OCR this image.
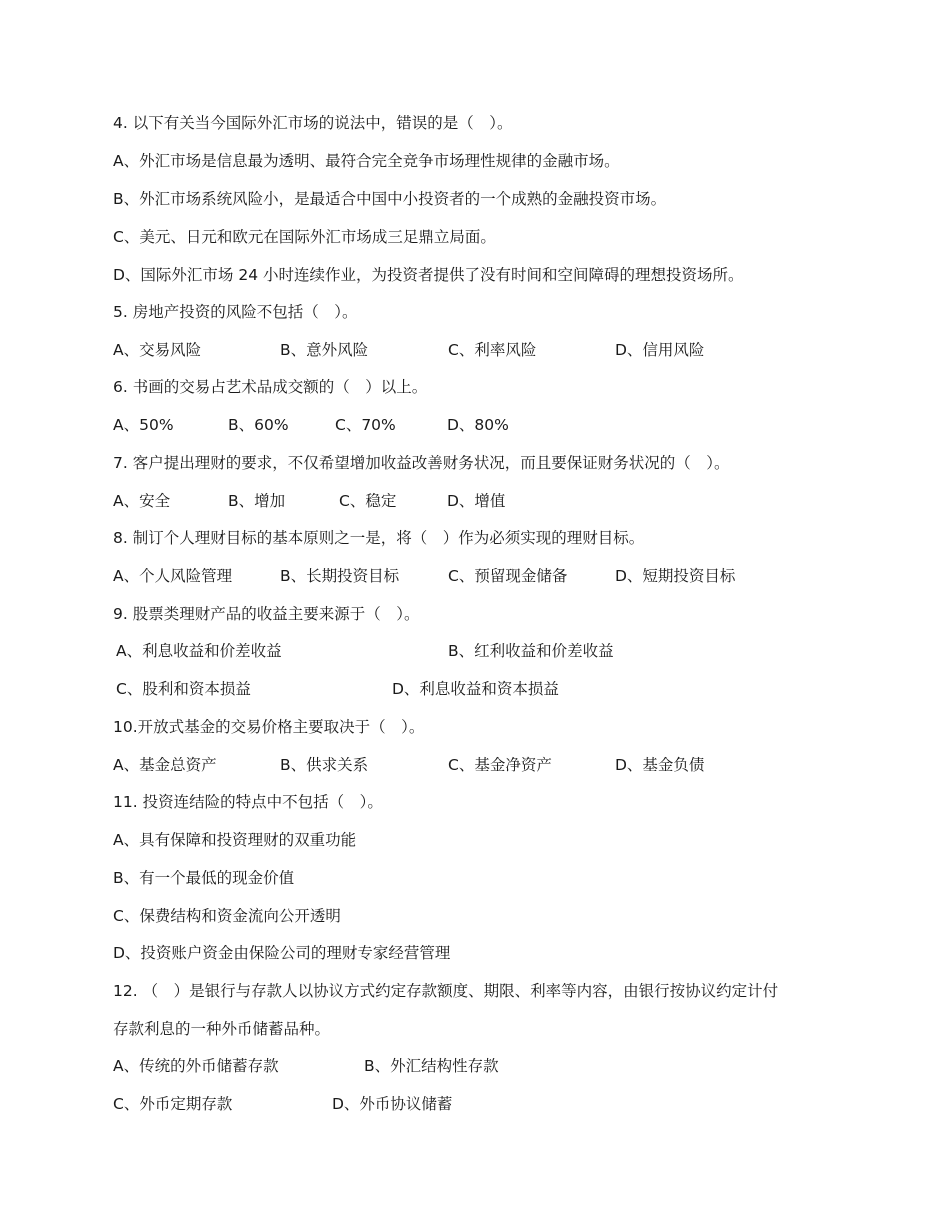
4. 以下有关当今国际外汇市场的说法中，错误的是（　）。
A、外汇市场是信息最为透明、最符合完全竞争市场理性规律的金融市场。
B、外汇市场系统风险小，是最适合中国中小投资者的一个成熟的金融投资市场。
C、美元、日元和欧元在国际外汇市场成三足鼎立局面。
D、国际外汇市场 24 小时连续作业，为投资者提供了没有时间和空间障碍的理想投资场所。
5. 房地产投资的风险不包括（　）。
A、交易风险	B、意外风险	C、利率风险	D、信用风险
6. 书画的交易占艺术品成交额的（　）以上。
A、50%	B、60%	C、70%	D、80%
7. 客户提出理财的要求，不仅希望增加收益改善财务状况，而且要保证财务状况的（　）。
A、安全	B、增加	C、稳定	D、增值
8. 制订个人理财目标的基本原则之一是，将（　）作为必须实现的理财目标。
A、个人风险管理	B、长期投资目标	C、预留现金储备	D、短期投资目标
9. 股票类理财产品的收益主要来源于（　）。
A、利息收益和价差收益	B、红利收益和价差收益
C、股利和资本损益	D、利息收益和资本损益
10.开放式基金的交易价格主要取决于（　）。
A、基金总资产	B、供求关系	C、基金净资产	D、基金负债
11. 投资连结险的特点中不包括（　）。
A、具有保障和投资理财的双重功能
B、有一个最低的现金价值
C、保费结构和资金流向公开透明
D、投资账户资金由保险公司的理财专家经营管理
12. （　）是银行与存款人以协议方式约定存款额度、期限、利率等内容，由银行按协议约定计付
存款利息的一种外币储蓄品种。
A、传统的外币储蓄存款	B、外汇结构性存款
C、外币定期存款	D、外币协议储蓄
